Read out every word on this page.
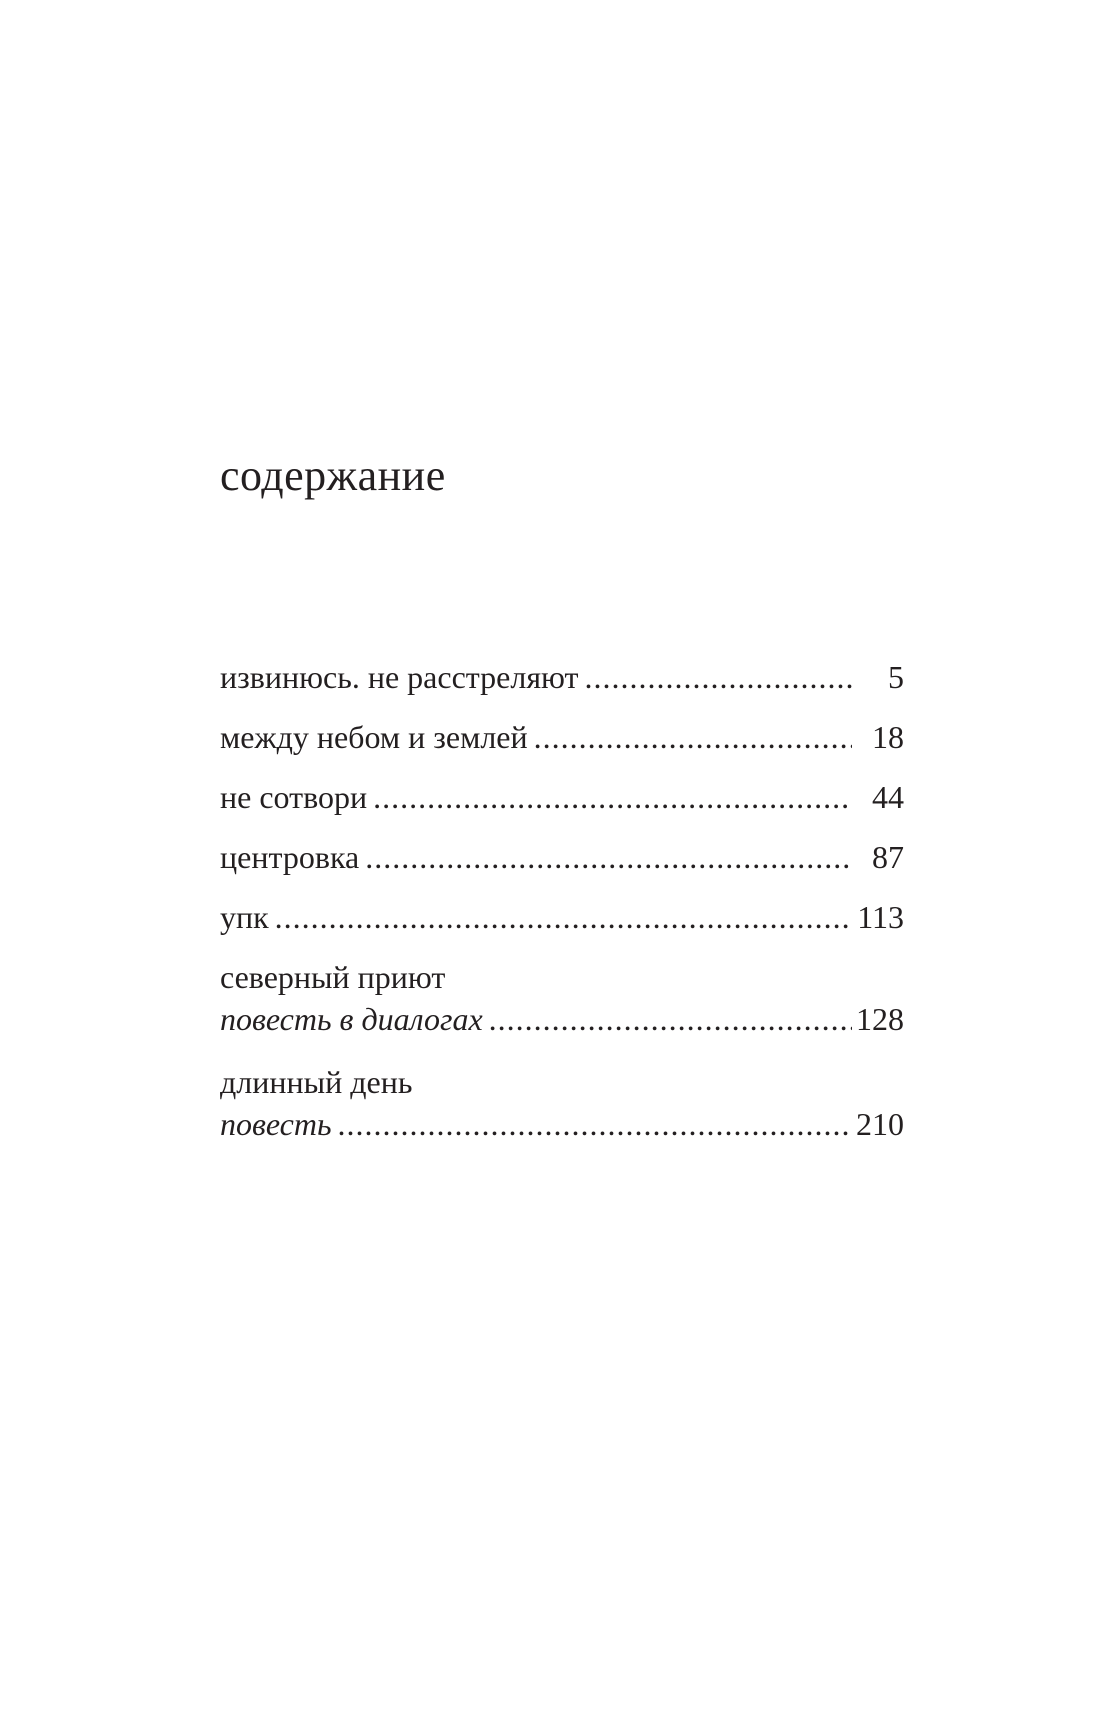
содержание
извинюсь. не расстреляют .....	5
между небом и землей .....	18
не сотвори .....	44
центровка .....	87
упк .....	113
северный приют
повесть в диалогах .....	128
длинный день
повесть .....	210
